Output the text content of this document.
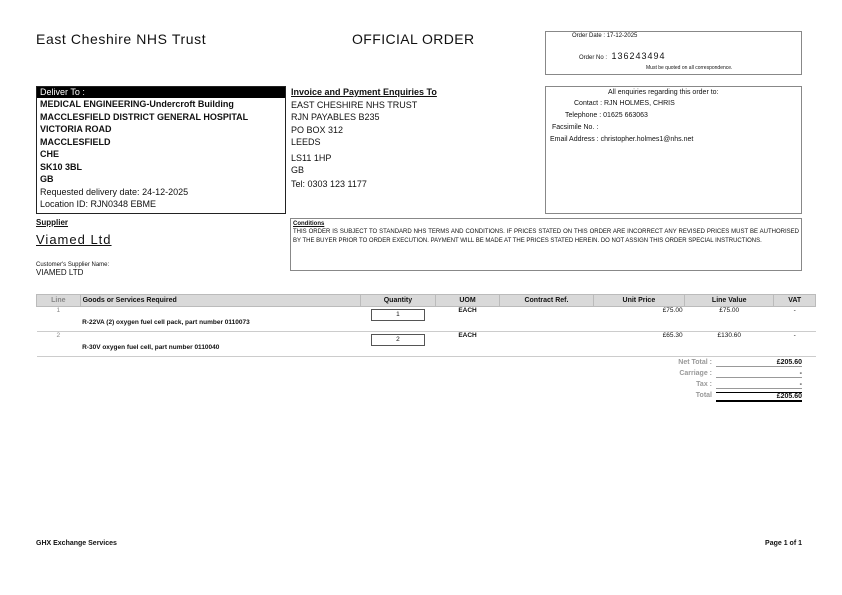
East Cheshire NHS Trust	OFFICIAL ORDER	Order Date : 17-12-2025
Order No : 136243494
Must be quoted on all correspondence.
Deliver To :
MEDICAL ENGINEERING-Undercroft Building
MACCLESFIELD DISTRICT GENERAL HOSPITAL
VICTORIA ROAD
MACCLESFIELD
CHE
SK10 3BL
GB
Requested delivery date: 24-12-2025
Location ID: RJN0348 EBME
Invoice and Payment Enquiries To
EAST CHESHIRE NHS TRUST
RJN PAYABLES B235
PO BOX 312
LEEDS
LS11 1HP
GB
Tel: 0303 123 1177
All enquiries regarding this order to:
Contact : RJN HOLMES, CHRIS
Telephone : 01625 663063
Facsimile No. :
Email Address : christopher.holmes1@nhs.net
Supplier
Viamed Ltd
Customer's Supplier Name:
VIAMED LTD
Conditions
THIS ORDER IS SUBJECT TO STANDARD NHS TERMS AND CONDITIONS. IF PRICES STATED ON THIS ORDER ARE INCORRECT ANY REVISED PRICES MUST BE AUTHORISED BY THE BUYER PRIOR TO ORDER EXECUTION. PAYMENT WILL BE MADE AT THE PRICES STATED HEREIN. DO NOT ASSIGN THIS ORDER SPECIAL INSTRUCTIONS.
Line	Goods or Services Required	Quantity	UOM	Contract Ref.	Unit Price	Line Value	VAT
1	R-22VA (2) oxygen fuel cell pack, part number 0110073	1	EACH		£75.00	£75.00	-
2	R-30V oxygen fuel cell, part number 0110040	2	EACH		£65.30	£130.60	-
Net Total :	£205.60
Carriage :	-
Tax :	-
Total	£205.60
GHX Exchange Services	Page 1 of 1
